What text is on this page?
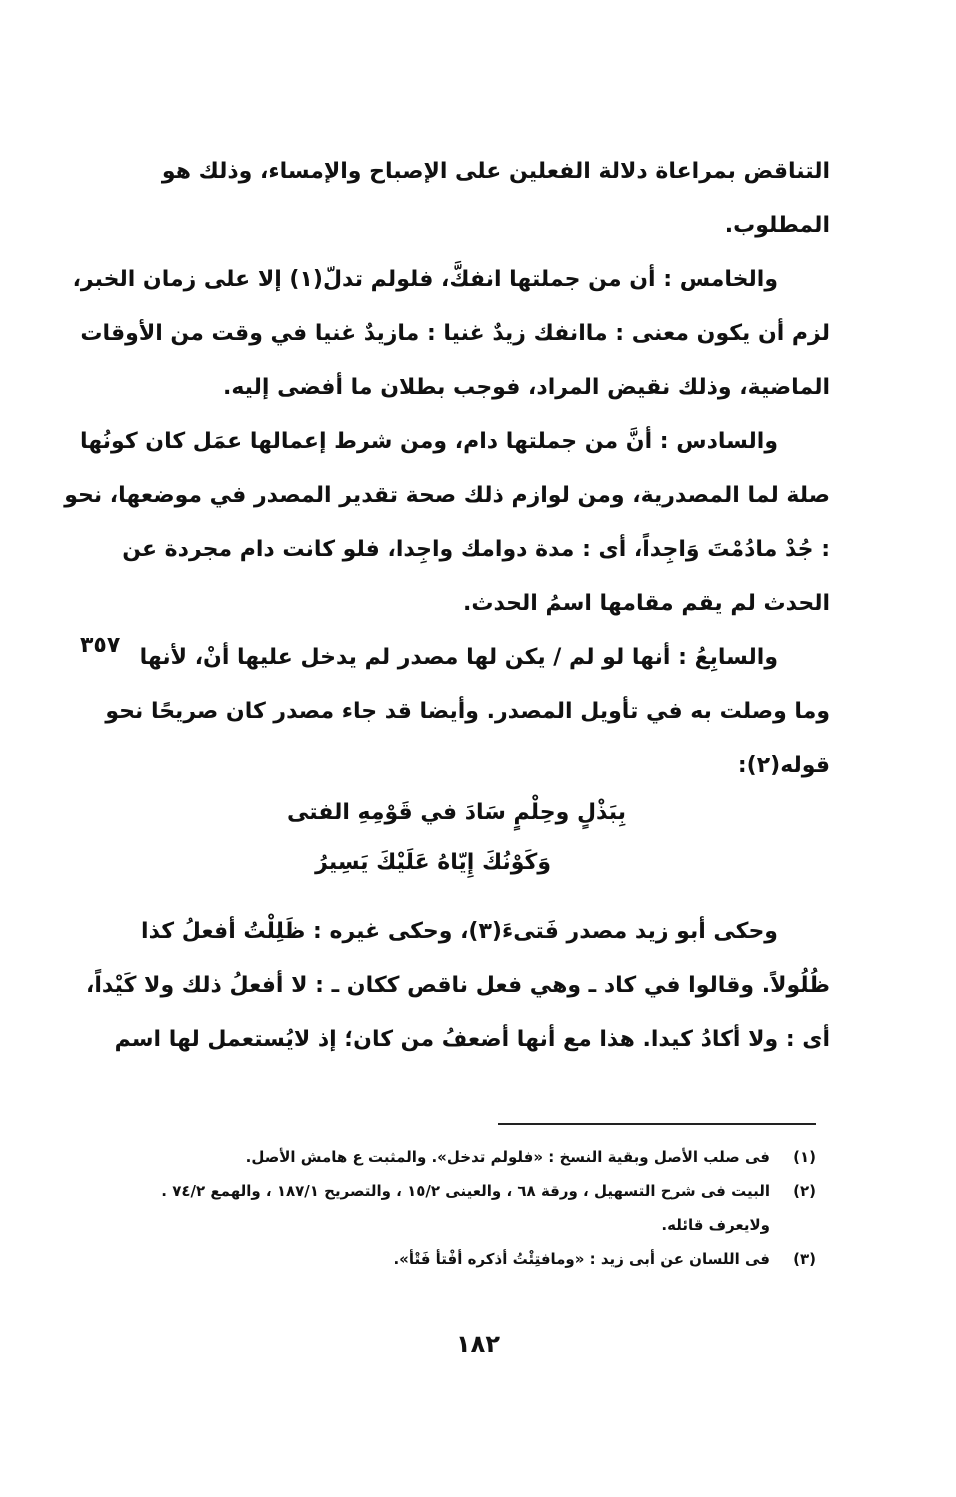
التناقض بمراعاة دلالة الفعلين على الإصباح والإمساء، وذلك هو
المطلوب.
والخامس : أن من جملتها انفكَّ، فلولم تدلّ(١) إلا على زمان الخبر،
لزم أن يكون معنى : ماانفك زيدٌ غنيا : مازيدٌ غنيا في وقت من الأوقات
الماضية، وذلك نقيض المراد، فوجب بطلان ما أفضى إليه.
والسادس : أنَّ من جملتها دام، ومن شرط إعمالها عمَل كان كونُها
صلة لما المصدرية، ومن لوازم ذلك صحة تقدير المصدر في موضعها، نحو
: جُدْ مادُمْتَ وَاجِداً، أى : مدة دوامك واجِدا، فلو كانت دام مجردة عن
الحدث لم يقم مقامها اسمُ الحدث.
والسابِعُ : أنها لو لم / يكن لها مصدر لم يدخل عليها أنْ، لأنها
وما وصلت به في تأويل المصدر. وأيضا قد جاء مصدر كان صريحًا نحو
قوله(٢):
٣٥٧
بِبَذْلٍ وحِلْمٍ سَادَ في قَوْمِهِ الفتى
وَكَوْنُكَ إِيّاهُ عَلَيْكَ يَسِيرُ
وحكى أبو زيد مصدر فَتىءَ(٣)، وحكى غيره : ظَلِلْتُ أفعلُ كذا
ظُلُولاً. وقالوا في كاد ـ وهي فعل ناقص ككان ـ : لا أفعلُ ذلك ولا كَيْداً،
أى : ولا أكادُ كيدا. هذا مع أنها أضعفُ من كان؛ إذ لايُستعمل لها اسم
(١)
فى صلب الأصل وبقية النسخ : «فلولم تدخل». والمثبت ع هامش الأصل.
(٢)
البيت فى شرح التسهيل ، ورقة ٦٨ ، والعينى ١٥/٢ ، والتصريح ١٨٧/١ ، والهمع ٧٤/٢ .
ولايعرف قائله.
(٣)
فى اللسان عن أبى زيد : «ومافتِئْتُ أذكره أفْتأ فَتْأ».
١٨٢
